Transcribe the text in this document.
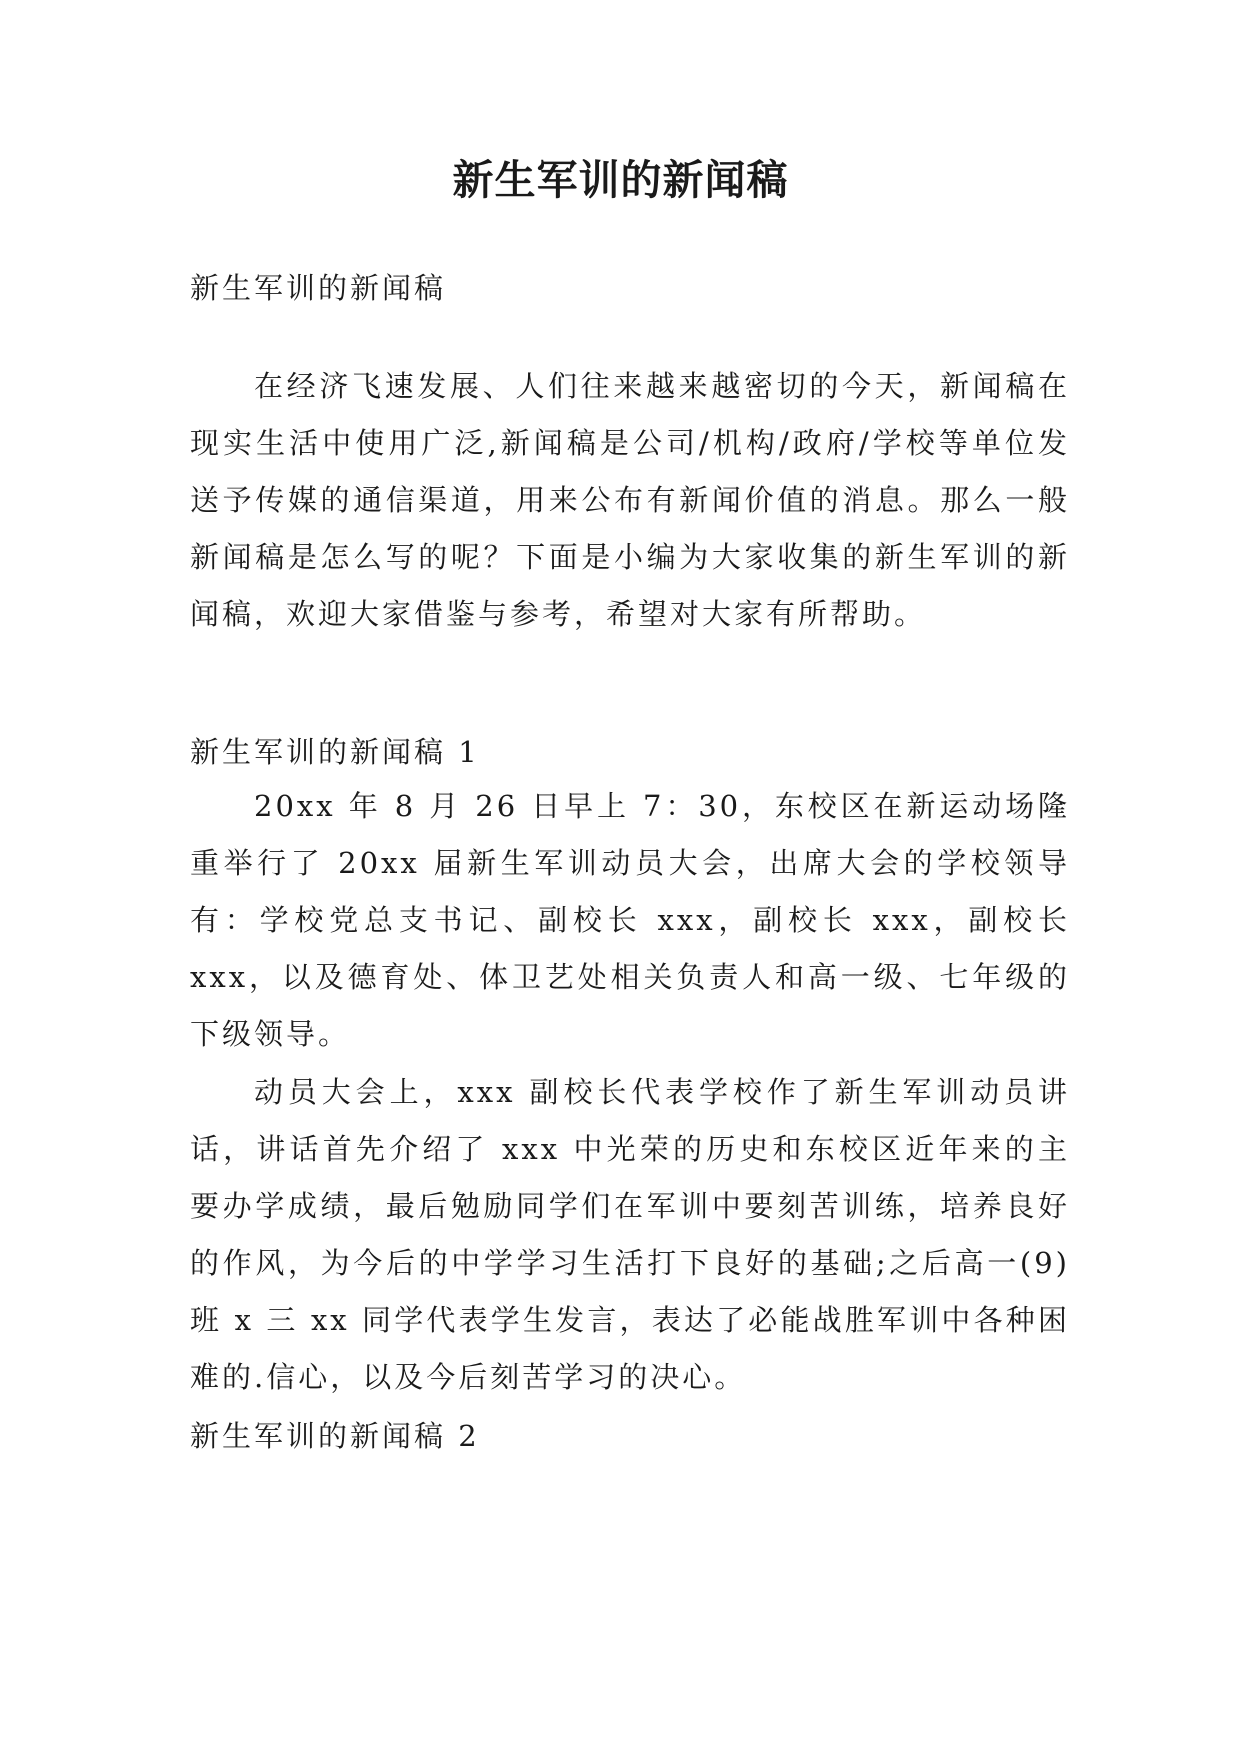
新生军训的新闻稿

新生军训的新闻稿

在经济飞速发展、人们往来越来越密切的今天，新闻稿在现实生活中使用广泛,新闻稿是公司/机构/政府/学校等单位发送予传媒的通信渠道，用来公布有新闻价值的消息。那么一般新闻稿是怎么写的呢？下面是小编为大家收集的新生军训的新闻稿，欢迎大家借鉴与参考，希望对大家有所帮助。

新生军训的新闻稿 1

20xx 年 8 月 26 日早上 7：30，东校区在新运动场隆重举行了 20xx 届新生军训动员大会，出席大会的学校领导有：学校党总支书记、副校长 xxx，副校长 xxx，副校长 xxx，以及德育处、体卫艺处相关负责人和高一级、七年级的下级领导。

动员大会上，xxx 副校长代表学校作了新生军训动员讲话，讲话首先介绍了 xxx 中光荣的历史和东校区近年来的主要办学成绩，最后勉励同学们在军训中要刻苦训练，培养良好的作风，为今后的中学学习生活打下良好的基础;之后高一(9)班 x 三 xx 同学代表学生发言，表达了必能战胜军训中各种困难的.信心，以及今后刻苦学习的决心。

新生军训的新闻稿 2
